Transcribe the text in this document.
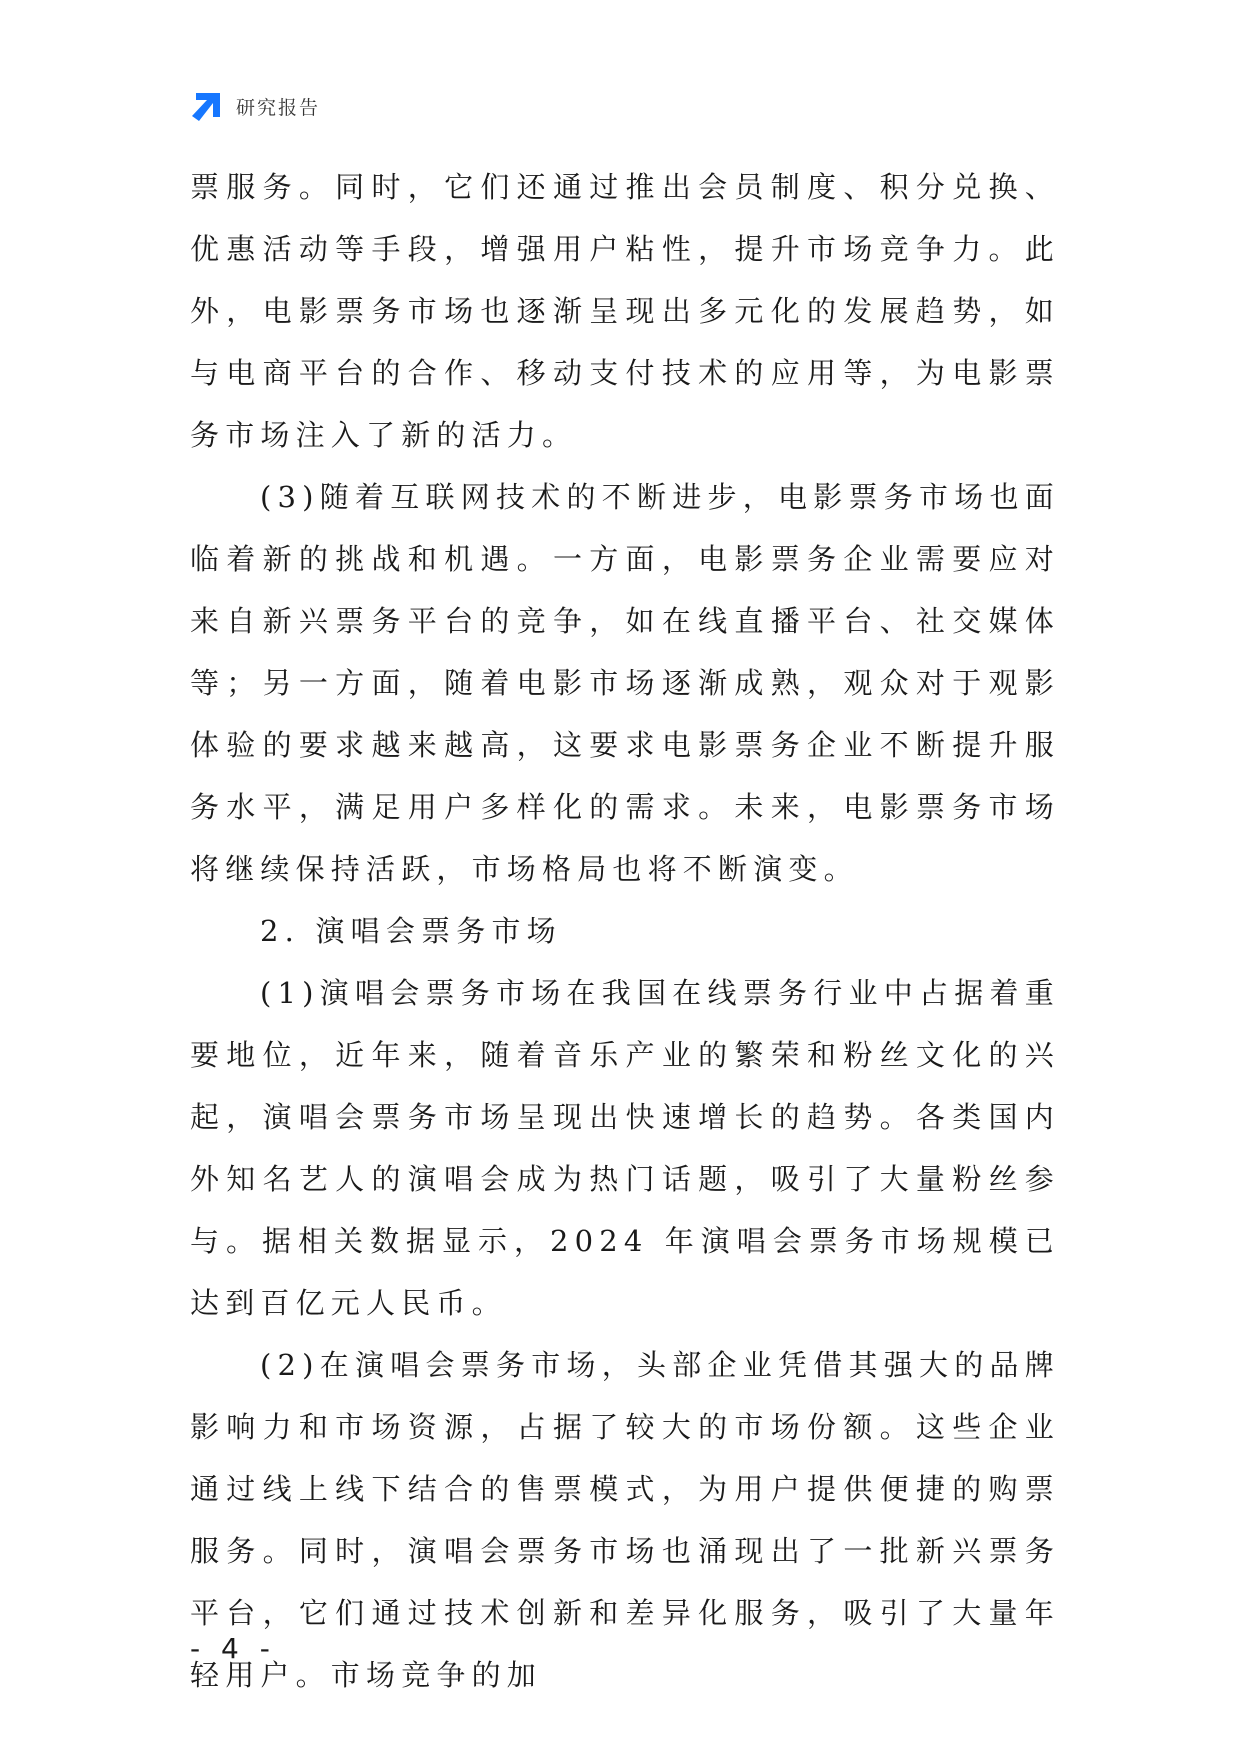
研究报告

票服务。同时，它们还通过推出会员制度、积分兑换、优惠活动等手段，增强用户粘性，提升市场竞争力。此外，电影票务市场也逐渐呈现出多元化的发展趋势，如与电商平台的合作、移动支付技术的应用等，为电影票务市场注入了新的活力。

(3)随着互联网技术的不断进步，电影票务市场也面临着新的挑战和机遇。一方面，电影票务企业需要应对来自新兴票务平台的竞争，如在线直播平台、社交媒体等；另一方面，随着电影市场逐渐成熟，观众对于观影体验的要求越来越高，这要求电影票务企业不断提升服务水平，满足用户多样化的需求。未来，电影票务市场将继续保持活跃，市场格局也将不断演变。

2. 演唱会票务市场

(1)演唱会票务市场在我国在线票务行业中占据着重要地位，近年来，随着音乐产业的繁荣和粉丝文化的兴起，演唱会票务市场呈现出快速增长的趋势。各类国内外知名艺人的演唱会成为热门话题，吸引了大量粉丝参与。据相关数据显示，2024 年演唱会票务市场规模已达到百亿元人民币。

(2)在演唱会票务市场，头部企业凭借其强大的品牌影响力和市场资源，占据了较大的市场份额。这些企业通过线上线下结合的售票模式，为用户提供便捷的购票服务。同时，演唱会票务市场也涌现出了一批新兴票务平台，它们通过技术创新和差异化服务，吸引了大量年轻用户。市场竞争的加

- 4 -
